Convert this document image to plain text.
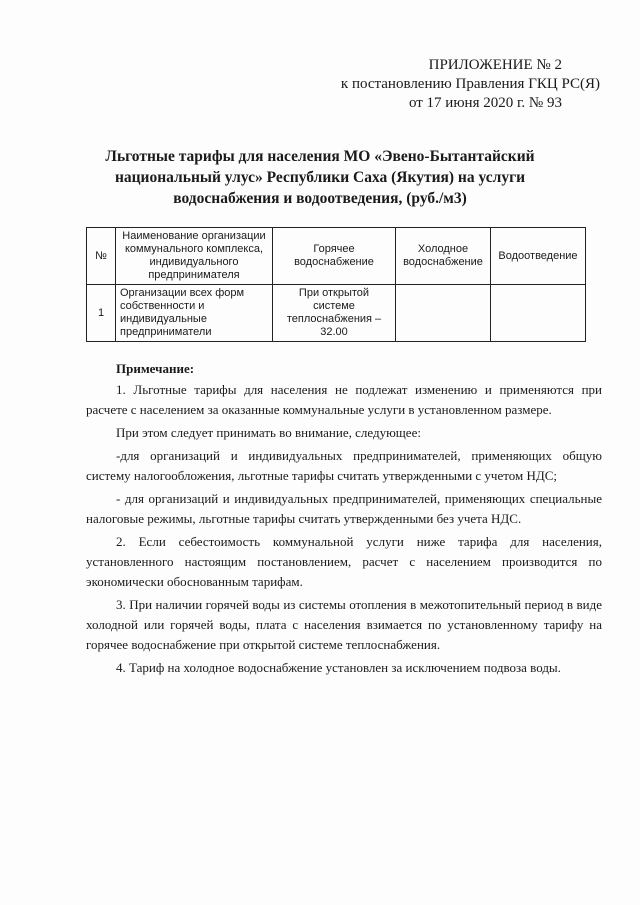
ПРИЛОЖЕНИЕ № 2
к постановлению Правления ГКЦ РС(Я)
от 17 июня 2020 г. № 93
Льготные тарифы для населения МО «Эвено-Бытантайский национальный улус» Республики Саха (Якутия) на услуги водоснабжения и водоотведения, (руб./м3)
№	Наименование организации коммунального комплекса, индивидуального предпринимателя	Горячее водоснабжение	Холодное водоснабжение	Водоотведение
1	Организации всех форм собственности и индивидуальные предприниматели	При открытой системе теплоснабжения – 32.00		
Примечание:

1. Льготные тарифы для населения не подлежат изменению и применяются при расчете с населением за оказанные коммунальные услуги в установленном размере.

При этом следует принимать во внимание, следующее:

-для организаций и индивидуальных предпринимателей, применяющих общую систему налогообложения, льготные тарифы считать утвержденными с учетом НДС;

- для организаций и индивидуальных предпринимателей, применяющих специальные налоговые режимы, льготные тарифы считать утвержденными без учета НДС.

2. Если себестоимость коммунальной услуги ниже тарифа для населения, установленного настоящим постановлением, расчет с населением производится по экономически обоснованным тарифам.

3. При наличии горячей воды из системы отопления в межотопительный период в виде холодной или горячей воды, плата с населения взимается по установленному тарифу на горячее водоснабжение при открытой системе теплоснабжения.

4. Тариф на холодное водоснабжение установлен за исключением подвоза воды.
